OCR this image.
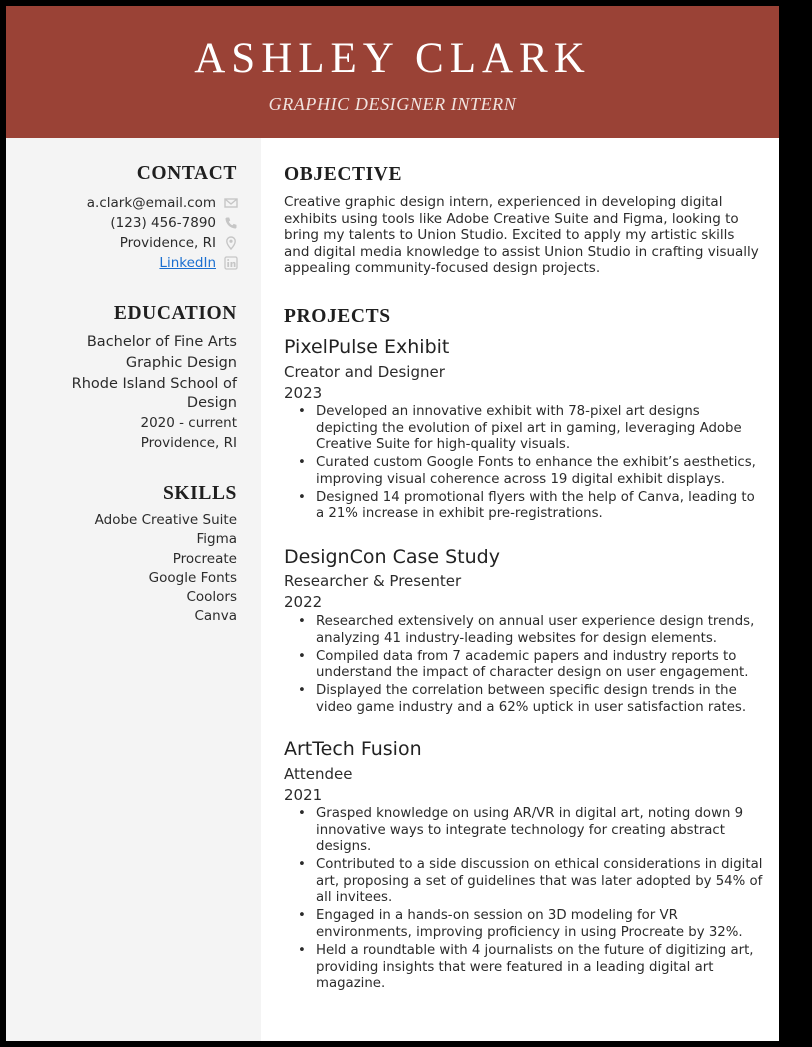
ASHLEY CLARK
GRAPHIC DESIGNER INTERN
CONTACT
a.clark@email.com
(123) 456-7890
Providence, RI
LinkedIn
EDUCATION
Bachelor of Fine Arts
Graphic Design
Rhode Island School of
Design
2020 - current
Providence, RI
SKILLS
Adobe Creative Suite
Figma
Procreate
Google Fonts
Coolors
Canva
OBJECTIVE
Creative graphic design intern, experienced in developing digital exhibits using tools like Adobe Creative Suite and Figma, looking to bring my talents to Union Studio. Excited to apply my artistic skills and digital media knowledge to assist Union Studio in crafting visually appealing community-focused design projects.
PROJECTS
PixelPulse Exhibit
Creator and Designer
2023
• Developed an innovative exhibit with 78-pixel art designs depicting the evolution of pixel art in gaming, leveraging Adobe Creative Suite for high-quality visuals.
• Curated custom Google Fonts to enhance the exhibit’s aesthetics, improving visual coherence across 19 digital exhibit displays.
• Designed 14 promotional flyers with the help of Canva, leading to a 21% increase in exhibit pre-registrations.
DesignCon Case Study
Researcher & Presenter
2022
• Researched extensively on annual user experience design trends, analyzing 41 industry-leading websites for design elements.
• Compiled data from 7 academic papers and industry reports to understand the impact of character design on user engagement.
• Displayed the correlation between specific design trends in the video game industry and a 62% uptick in user satisfaction rates.
ArtTech Fusion
Attendee
2021
• Grasped knowledge on using AR/VR in digital art, noting down 9 innovative ways to integrate technology for creating abstract designs.
• Contributed to a side discussion on ethical considerations in digital art, proposing a set of guidelines that was later adopted by 54% of all invitees.
• Engaged in a hands-on session on 3D modeling for VR environments, improving proficiency in using Procreate by 32%.
• Held a roundtable with 4 journalists on the future of digitizing art, providing insights that were featured in a leading digital art magazine.
